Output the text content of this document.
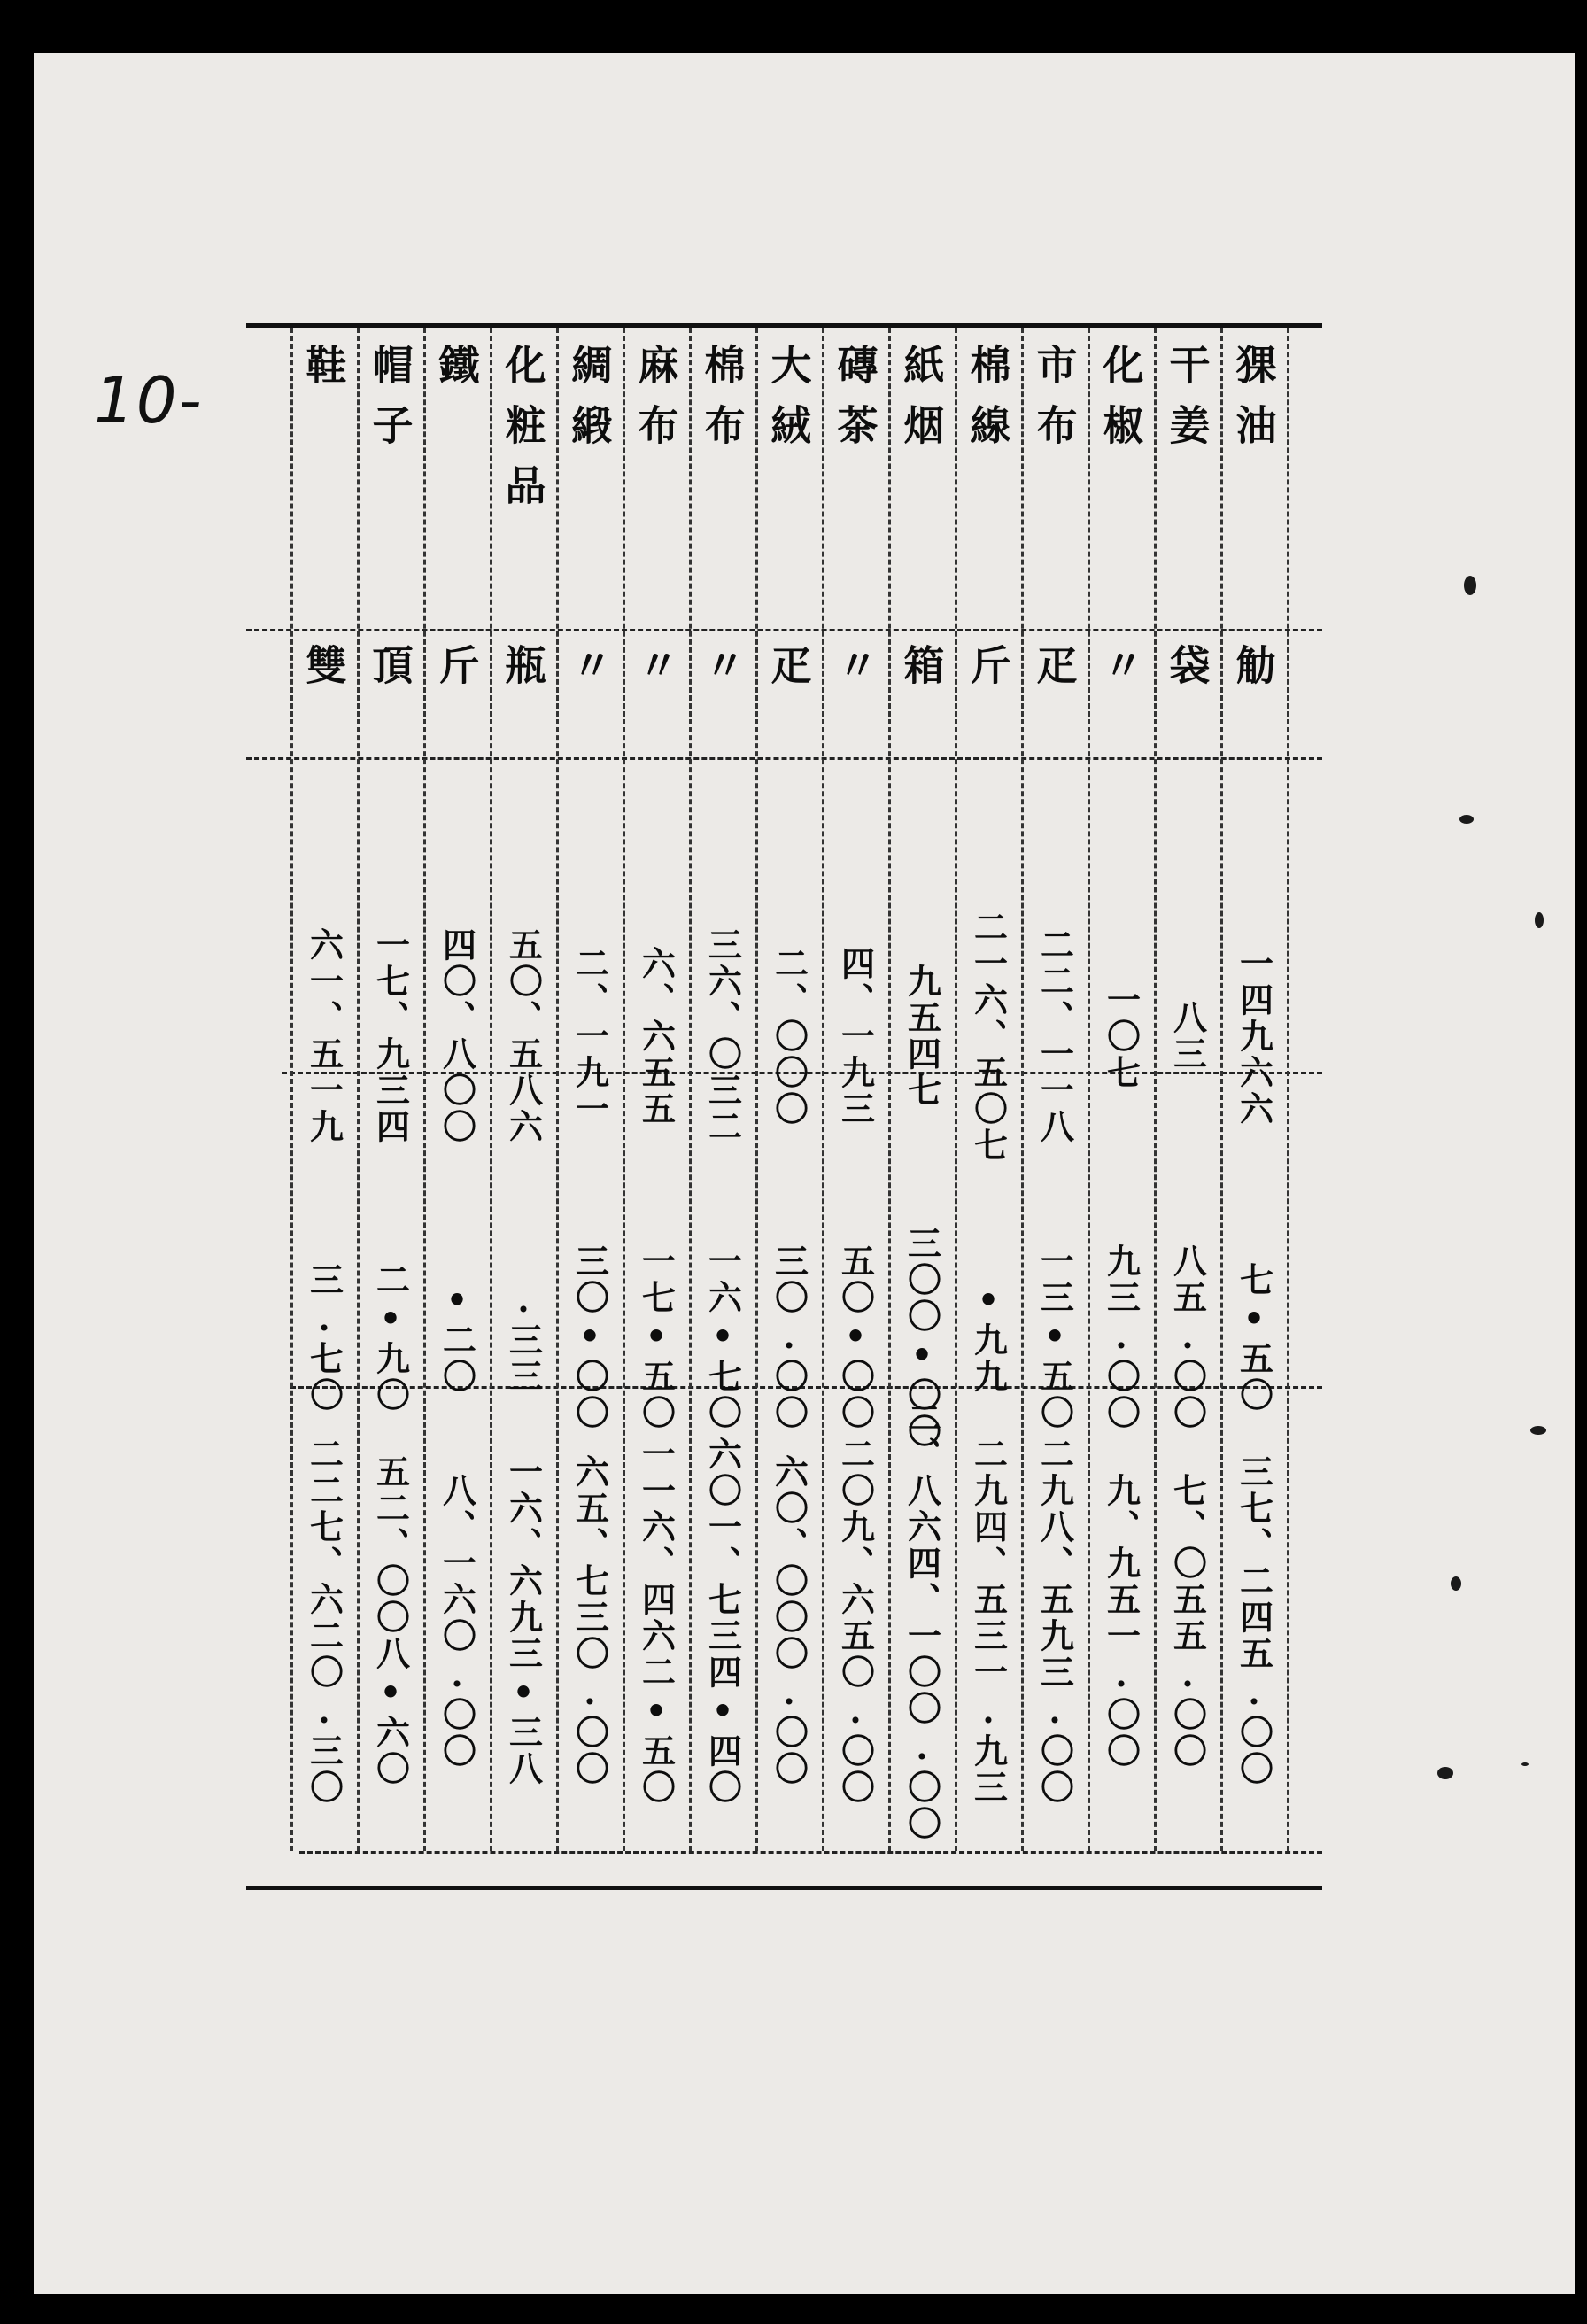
10-	猓油
觔
一四九六六
七•五〇
三七、二四五.〇〇
干姜
袋
八三
八五.〇〇
七、〇五五.〇〇
化椒
〃
一〇七
九三.〇〇
九、九五一.〇〇
市布
疋
二二、一一八
一三•五〇
二九八、五九三.〇〇
棉線
斤
二一六、五〇七
•九九
二九四、五三一.九三
紙烟
箱
九五四七
三〇〇•〇〇
二、八六四、一〇〇.〇〇
磚茶
〃
四、一九三
五〇•〇〇
二〇九、六五〇.〇〇
大絨
疋
二、〇〇〇
三〇.〇〇
六〇、〇〇〇.〇〇
棉布
〃
三六、〇三二
一六•七〇
六〇一、七三四•四〇
麻布
〃
六、六五五
一七•五〇
一一六、四六二•五〇
綢緞
〃
二、一九一
三〇•〇〇
六五、七三〇.〇〇
化粧品
瓶
五〇、五八六
.三三
一六、六九三•三八
鐵
斤
四〇、八〇〇
•二〇
八、一六〇.〇〇
帽子
頂
一七、九三四
二•九〇
五二、〇〇八•六〇
鞋
雙
六一、五一九
三.七〇
二二七、六二〇.三〇
